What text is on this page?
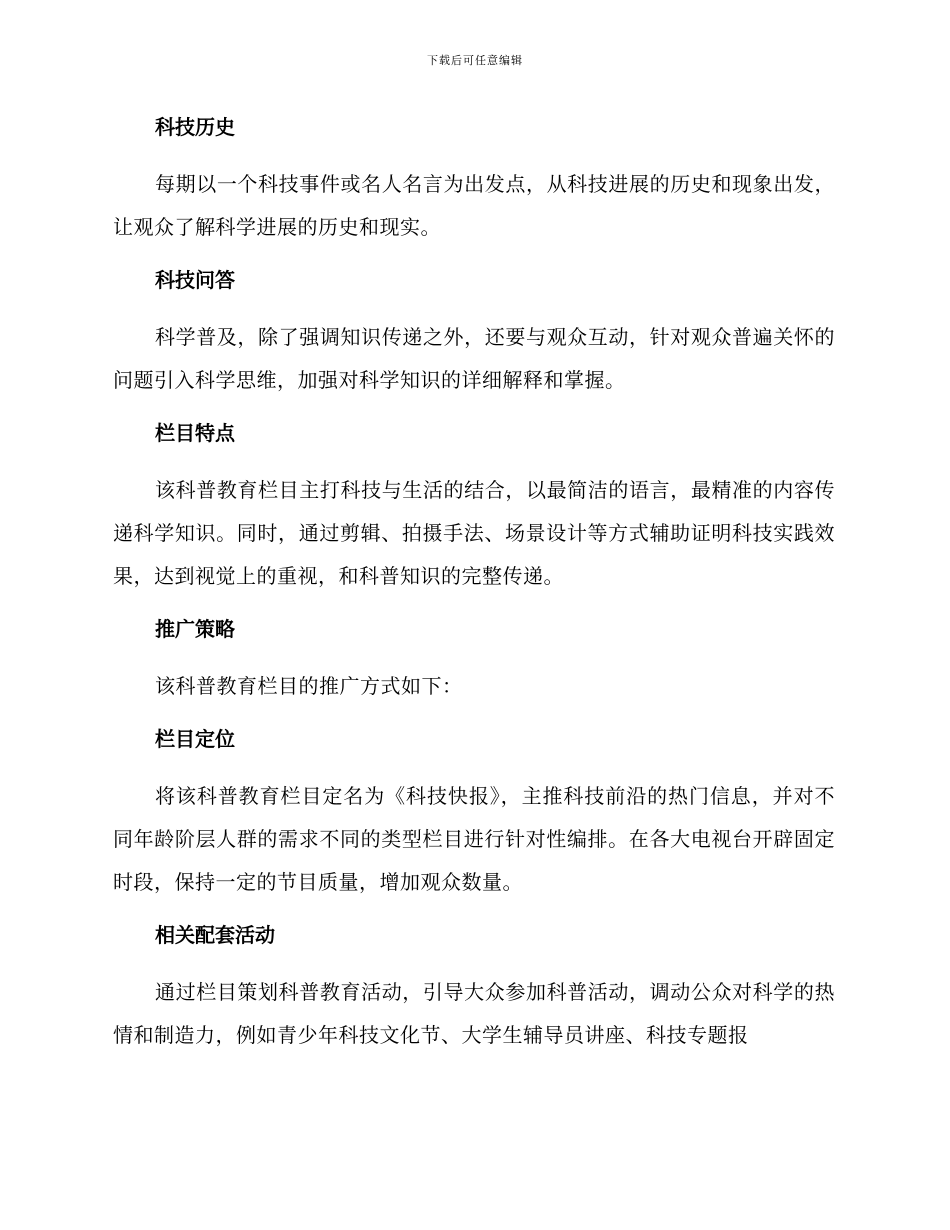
下载后可任意编辑
科技历史

每期以一个科技事件或名人名言为出发点，从科技进展的历史和现象出发，让观众了解科学进展的历史和现实。

科技问答

科学普及，除了强调知识传递之外，还要与观众互动，针对观众普遍关怀的问题引入科学思维，加强对科学知识的详细解释和掌握。

栏目特点

该科普教育栏目主打科技与生活的结合，以最简洁的语言，最精准的内容传递科学知识。同时，通过剪辑、拍摄手法、场景设计等方式辅助证明科技实践效果，达到视觉上的重视，和科普知识的完整传递。

推广策略

该科普教育栏目的推广方式如下：

栏目定位

将该科普教育栏目定名为《科技快报》，主推科技前沿的热门信息，并对不同年龄阶层人群的需求不同的类型栏目进行针对性编排。在各大电视台开辟固定时段，保持一定的节目质量，增加观众数量。

相关配套活动

通过栏目策划科普教育活动，引导大众参加科普活动，调动公众对科学的热情和制造力，例如青少年科技文化节、大学生辅导员讲座、科技专题报
